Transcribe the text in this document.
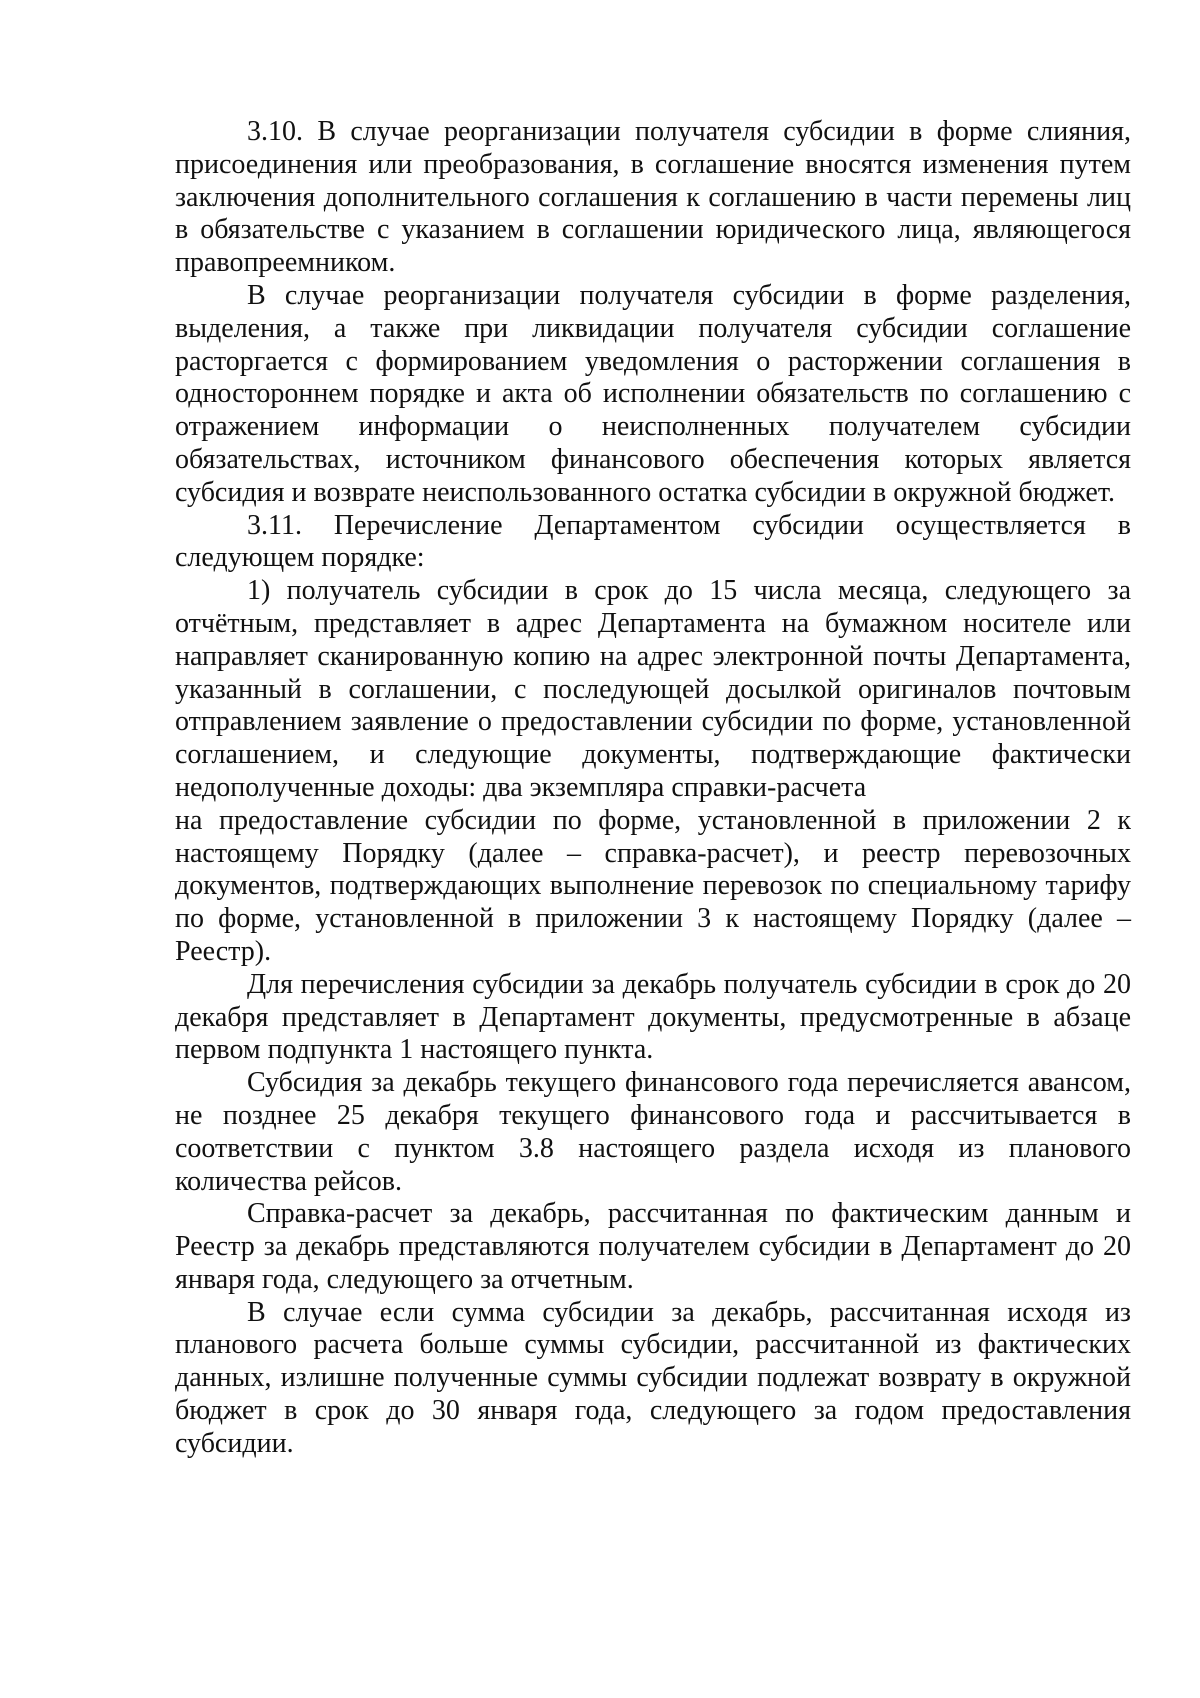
3.10. В случае реорганизации получателя субсидии в форме слияния, присоединения или преобразования, в соглашение вносятся изменения путем заключения дополнительного соглашения к соглашению в части перемены лиц в обязательстве с указанием в соглашении юридического лица, являющегося правопреемником.

В случае реорганизации получателя субсидии в форме разделения, выделения, а также при ликвидации получателя субсидии соглашение расторгается с формированием уведомления о расторжении соглашения в одностороннем порядке и акта об исполнении обязательств по соглашению с отражением информации о неисполненных получателем субсидии обязательствах, источником финансового обеспечения которых является субсидия и возврате неиспользованного остатка субсидии в окружной бюджет.

3.11. Перечисление Департаментом субсидии осуществляется в следующем порядке:

1) получатель субсидии в срок до 15 числа месяца, следующего за отчётным, представляет в адрес Департамента на бумажном носителе или направляет сканированную копию на адрес электронной почты Департамента, указанный в соглашении, с последующей досылкой оригиналов почтовым отправлением заявление о предоставлении субсидии по форме, установленной соглашением, и следующие документы, подтверждающие фактически недополученные доходы: два экземпляра справки-расчета

на предоставление субсидии по форме, установленной в приложении 2 к настоящему Порядку (далее – справка-расчет), и реестр перевозочных документов, подтверждающих выполнение перевозок по специальному тарифу по форме, установленной в приложении 3 к настоящему Порядку (далее – Реестр).

Для перечисления субсидии за декабрь получатель субсидии в срок до 20 декабря представляет в Департамент документы, предусмотренные в абзаце первом подпункта 1 настоящего пункта.

Субсидия за декабрь текущего финансового года перечисляется авансом, не позднее 25 декабря текущего финансового года и рассчитывается в соответствии с пунктом 3.8 настоящего раздела исходя из планового количества рейсов.

Справка-расчет за декабрь, рассчитанная по фактическим данным и Реестр за декабрь представляются получателем субсидии в Департамент до 20 января года, следующего за отчетным.

В случае если сумма субсидии за декабрь, рассчитанная исходя из планового расчета больше суммы субсидии, рассчитанной из фактических данных, излишне полученные суммы субсидии подлежат возврату в окружной бюджет в срок до 30 января года, следующего за годом предоставления субсидии.
